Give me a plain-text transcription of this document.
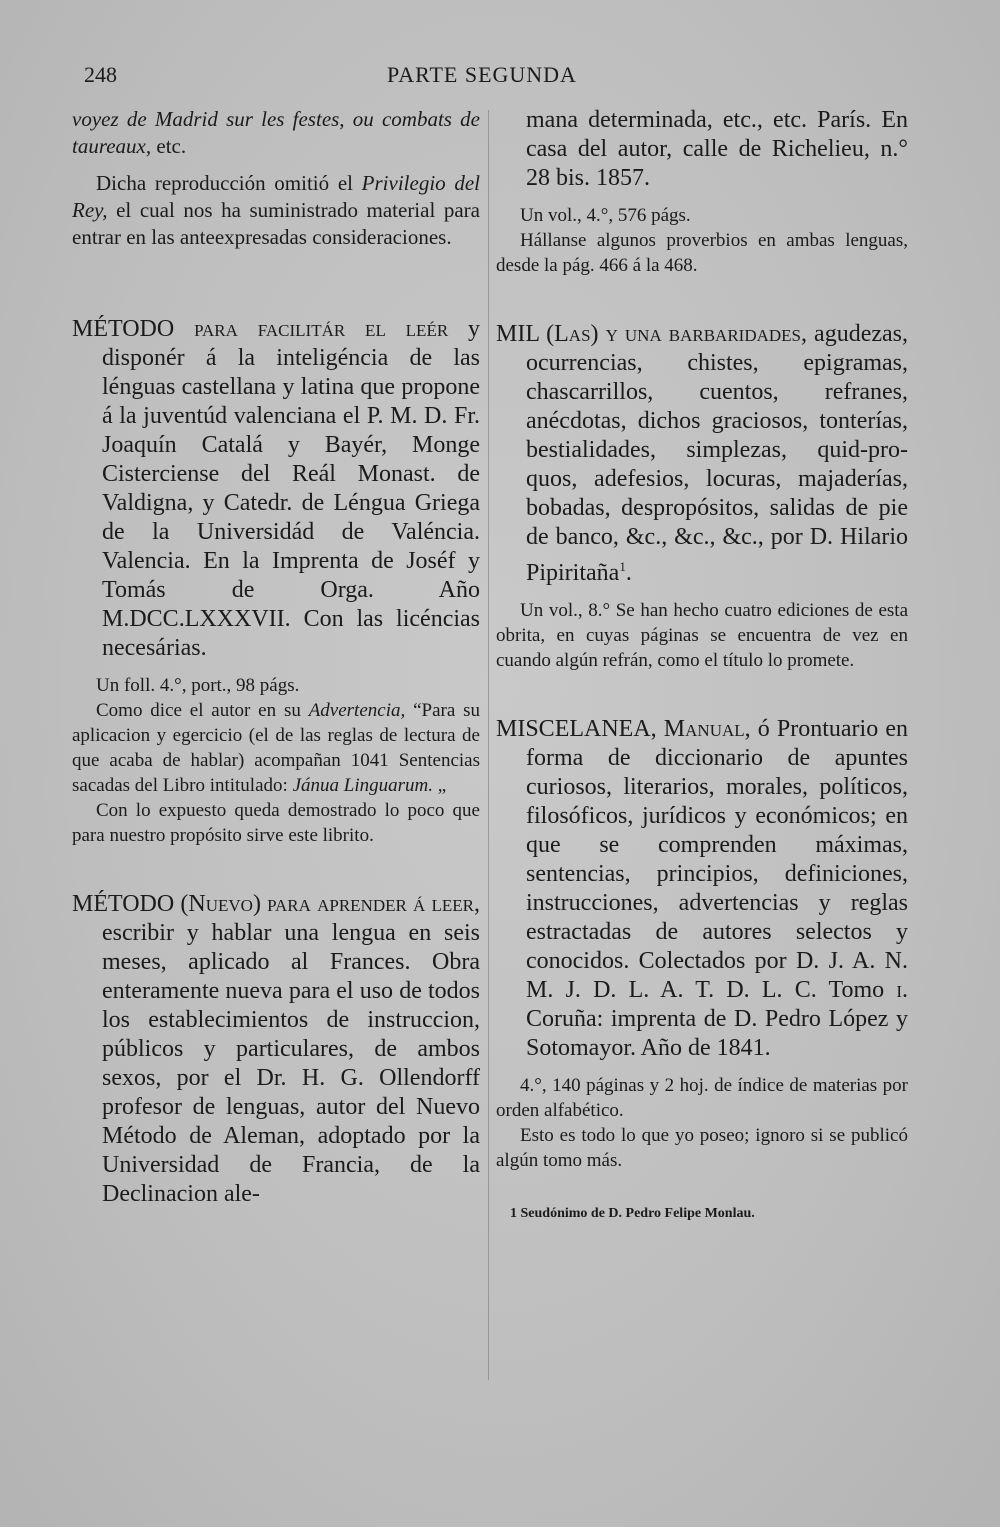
248	PARTE SEGUNDA

voyez de Madrid sur les festes, ou combats de taureaux, etc.

Dicha reproducción omitió el Privilegio del Rey, el cual nos ha suministrado material para entrar en las anteexpresadas consideraciones.

MÉTODO para facilitár el leér y disponér á la inteligéncia de las lénguas castellana y latina que propone á la juventúd valenciana el P. M. D. Fr. Joaquín Catalá y Bayér, Monge Cisterciense del Reál Monast. de Valdigna, y Catedr. de Léngua Griega de la Universidád de Valéncia. Valencia. En la Imprenta de Joséf y Tomás de Orga. Año M.DCC.LXXXVII. Con las licéncias necesárias.

Un foll. 4.°, port., 98 págs.

Como dice el autor en su Advertencia, “Para su aplicacion y egercicio (el de las reglas de lectura de que acaba de hablar) acompañan 1041 Sentencias sacadas del Libro intitulado: Jánua Linguarum. „

Con lo expuesto queda demostrado lo poco que para nuestro propósito sirve este librito.

MÉTODO (Nuevo) para aprender á leer, escribir y hablar una lengua en seis meses, aplicado al Frances. Obra enteramente nueva para el uso de todos los establecimientos de instruccion, públicos y particulares, de ambos sexos, por el Dr. H. G. Ollendorff profesor de lenguas, autor del Nuevo Método de Aleman, adoptado por la Universidad de Francia, de la Declinacion ale-

mana determinada, etc., etc. París. En casa del autor, calle de Richelieu, n.° 28 bis. 1857.

Un vol., 4.°, 576 págs.

Hállanse algunos proverbios en ambas lenguas, desde la pág. 466 á la 468.

MIL (Las) y una barbaridades, agudezas, ocurrencias, chistes, epigramas, chascarrillos, cuentos, refranes, anécdotas, dichos graciosos, tonterías, bestialidades, simplezas, quid-pro-quos, adefesios, locuras, majaderías, bobadas, despropósitos, salidas de pie de banco, &c., &c., &c., por D. Hilario Pipiritaña$^1$.

Un vol., 8.° Se han hecho cuatro ediciones de esta obrita, en cuyas páginas se encuentra de vez en cuando algún refrán, como el título lo promete.

MISCELANEA, Manual, ó Prontuario en forma de diccionario de apuntes curiosos, literarios, morales, políticos, filosóficos, jurídicos y económicos; en que se comprenden máximas, sentencias, principios, definiciones, instrucciones, advertencias y reglas estractadas de autores selectos y conocidos. Colectados por D. J. A. N. M. J. D. L. A. T. D. L. C. Tomo i. Coruña: imprenta de D. Pedro López y Sotomayor. Año de 1841.

4.°, 140 páginas y 2 hoj. de índice de materias por orden alfabético.

Esto es todo lo que yo poseo; ignoro si se publicó algún tomo más.

1 Seudónimo de D. Pedro Felipe Monlau.
